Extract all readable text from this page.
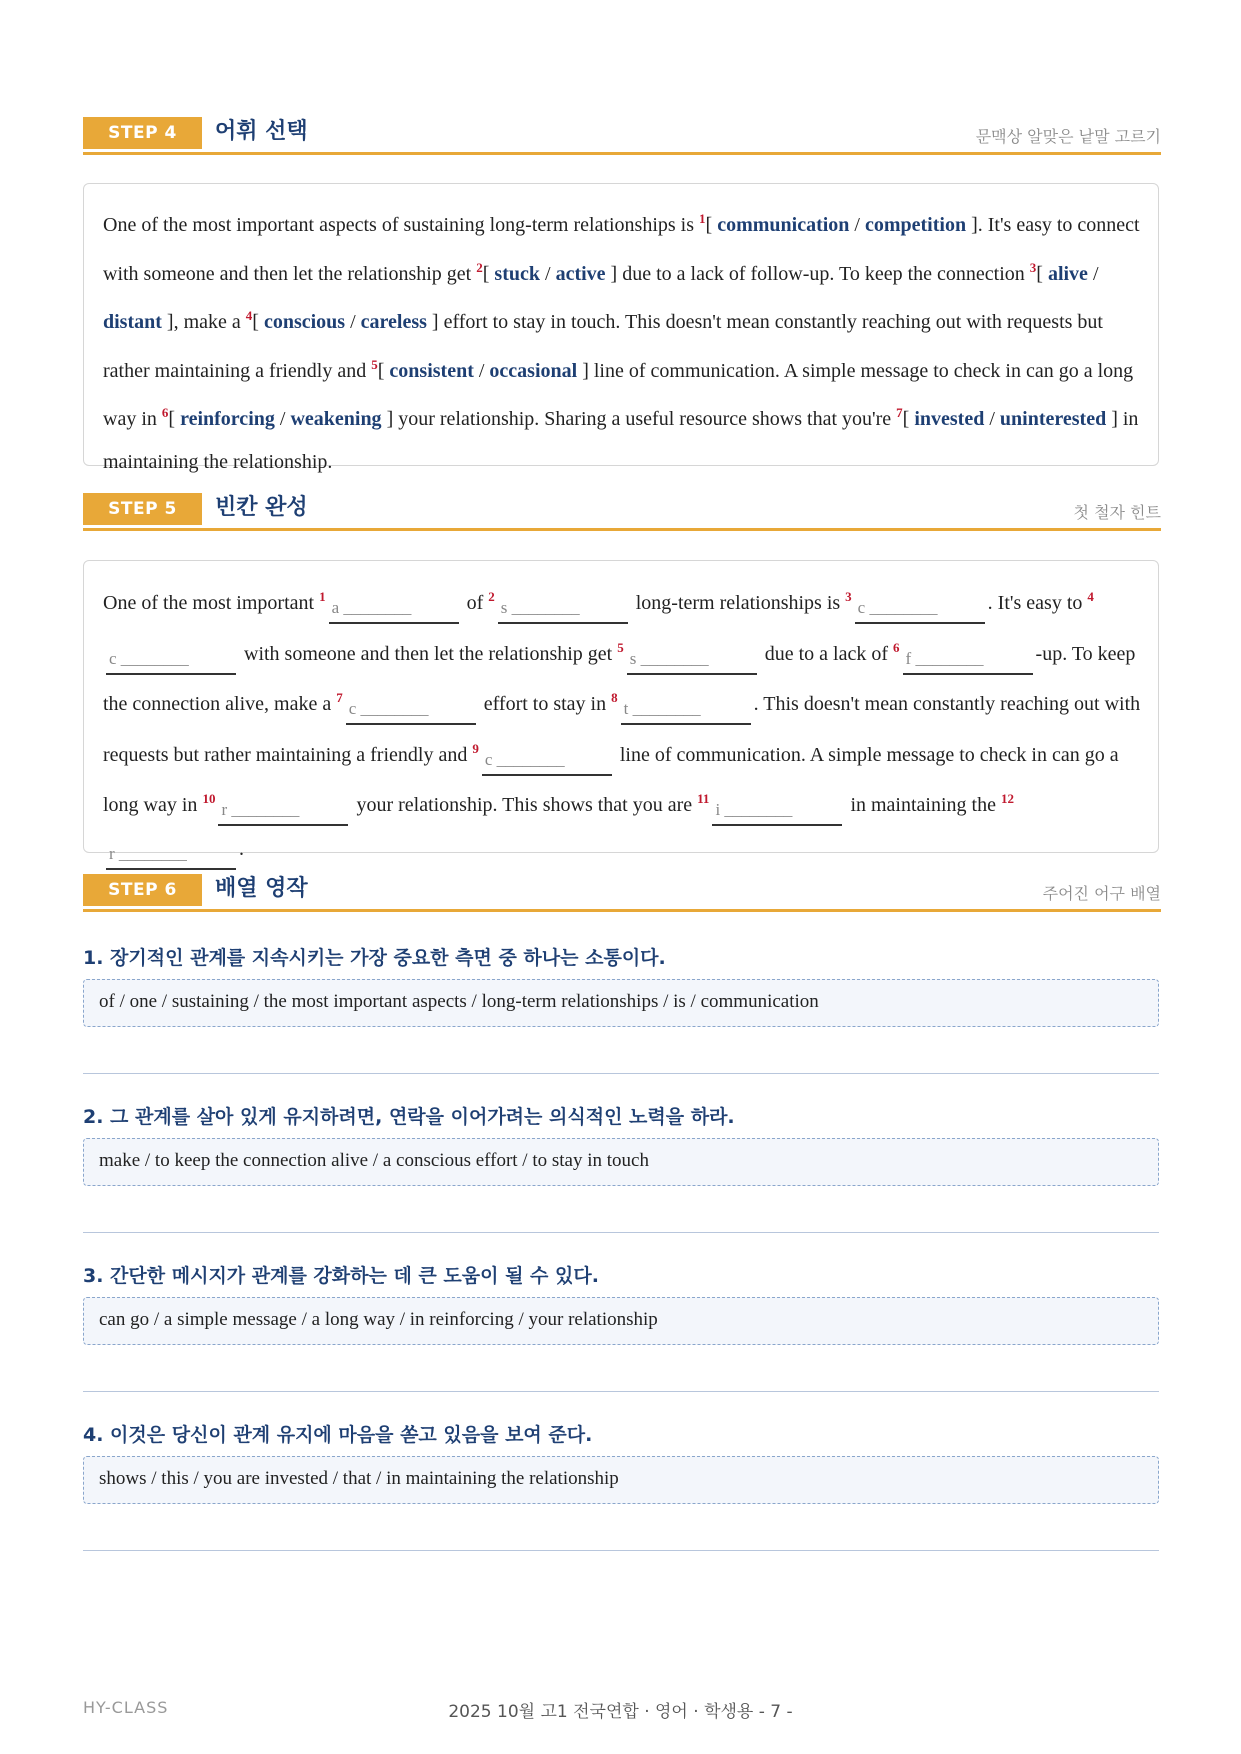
STEP 4	어휘 선택	문맥상 알맞은 낱말 고르기
One of the most important aspects of sustaining long-term relationships is $^1$[ communication / competition ]. It's easy to connect with someone and then let the relationship get $^2$[ stuck / active ] due to a lack of follow-up. To keep the connection $^3$[ alive / distant ], make a $^4$[ conscious / careless ] effort to stay in touch. This doesn't mean constantly reaching out with requests but rather maintaining a friendly and $^5$[ consistent / occasional ] line of communication. A simple message to check in can go a long way in $^6$[ reinforcing / weakening ] your relationship. Sharing a useful resource shows that you're $^7$[ invested / uninterested ] in maintaining the relationship.
STEP 5	빈칸 완성	첫 철자 힌트
One of the most important $^1$a ________	of $^2$s ________	long-term relationships is $^3$c ________	. It's easy to $^4$c ________	with someone and then let the relationship get $^5$s ________	due to a lack of $^6$f ________	-up. To keep the connection alive, make a $^7$c ________	effort to stay in $^8$t ________	. This doesn't mean constantly reaching out with requests but rather maintaining a friendly and $^9$c ________	line of communication. A simple message to check in can go a long way in $^{10}$r ________	your relationship. This shows that you are $^{11}$i ________	in maintaining the $^{12}$r ________	.
STEP 6	배열 영작	주어진 어구 배열
1. 장기적인 관계를 지속시키는 가장 중요한 측면 중 하나는 소통이다.
of / one / sustaining / the most important aspects / long-term relationships / is / communication
2. 그 관계를 살아 있게 유지하려면, 연락을 이어가려는 의식적인 노력을 하라.
make / to keep the connection alive / a conscious effort / to stay in touch
3. 간단한 메시지가 관계를 강화하는 데 큰 도움이 될 수 있다.
can go / a simple message / a long way / in reinforcing / your relationship
4. 이것은 당신이 관계 유지에 마음을 쏟고 있음을 보여 준다.
shows / this / you are invested / that / in maintaining the relationship
HY-CLASS	2025 10월 고1 전국연합 · 영어 · 학생용 - 7 -
